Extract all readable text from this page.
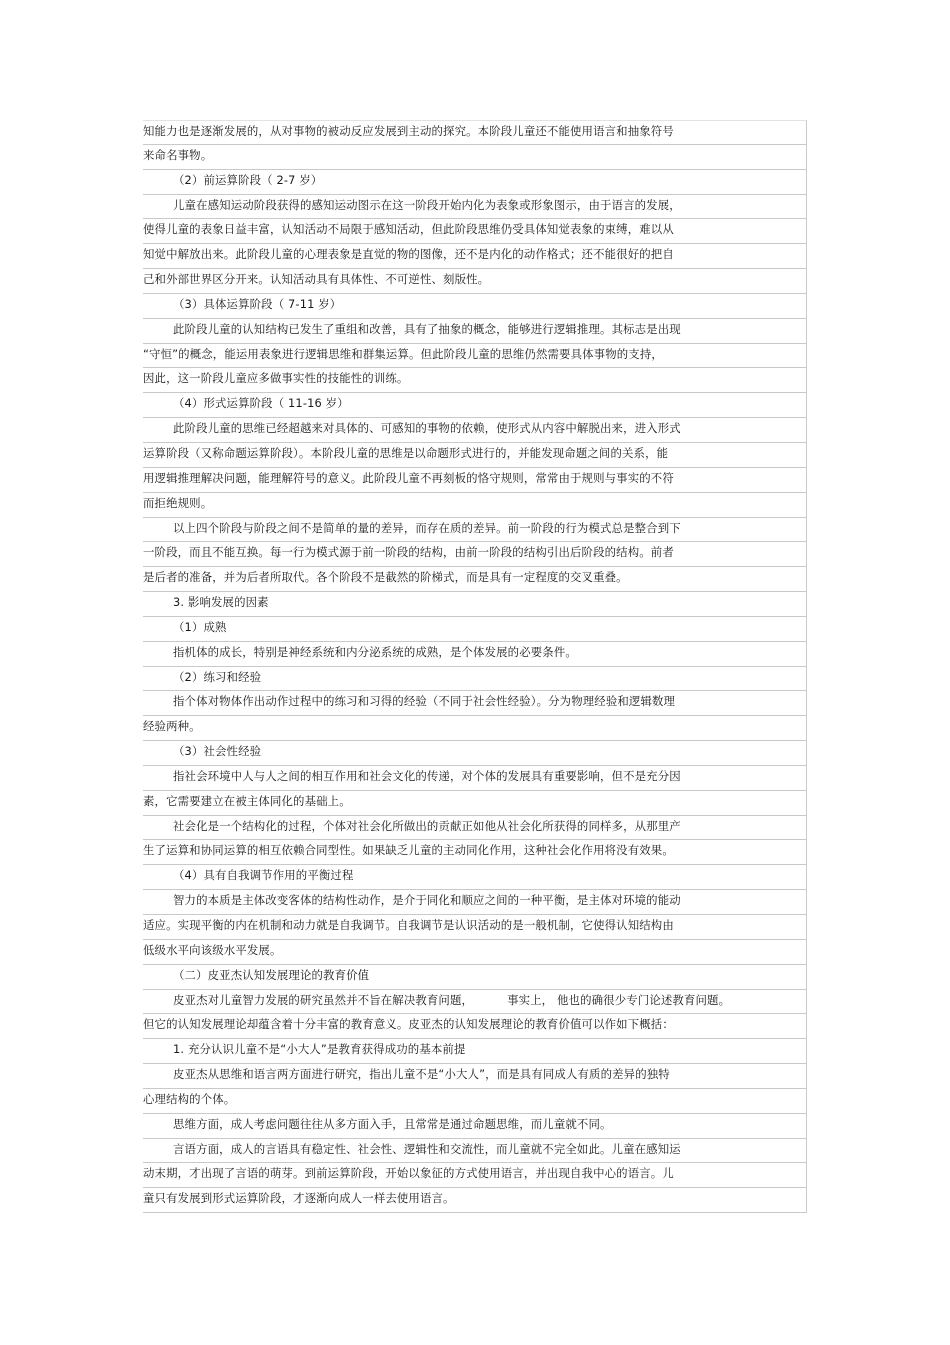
知能力也是逐渐发展的，从对事物的被动反应发展到主动的探究。本阶段儿童还不能使用语言和抽象符号
来命名事物。
（2）前运算阶段（ 2-7 岁）
儿童在感知运动阶段获得的感知运动图示在这一阶段开始内化为表象或形象图示，由于语言的发展，
使得儿童的表象日益丰富，认知活动不局限于感知活动，但此阶段思维仍受具体知觉表象的束缚，难以从
知觉中解放出来。此阶段儿童的心理表象是直觉的物的图像，还不是内化的动作格式；还不能很好的把自
己和外部世界区分开来。认知活动具有具体性、不可逆性、刻版性。
（3）具体运算阶段（ 7-11 岁）
此阶段儿童的认知结构已发生了重组和改善，具有了抽象的概念，能够进行逻辑推理。其标志是出现
“守恒”的概念，能运用表象进行逻辑思维和群集运算。但此阶段儿童的思维仍然需要具体事物的支持，
因此，这一阶段儿童应多做事实性的技能性的训练。
（4）形式运算阶段（ 11-16 岁）
此阶段儿童的思维已经超越来对具体的、可感知的事物的依赖，使形式从内容中解脱出来，进入形式
运算阶段（又称命题运算阶段）。本阶段儿童的思维是以命题形式进行的，并能发现命题之间的关系，能
用逻辑推理解决问题，能理解符号的意义。此阶段儿童不再刻板的恪守规则，常常由于规则与事实的不符
而拒绝规则。
以上四个阶段与阶段之间不是简单的量的差异，而存在质的差异。前一阶段的行为模式总是整合到下
一阶段，而且不能互换。每一行为模式源于前一阶段的结构，由前一阶段的结构引出后阶段的结构。前者
是后者的准备，并为后者所取代。各个阶段不是截然的阶梯式，而是具有一定程度的交叉重叠。
3. 影响发展的因素
（1）成熟
指机体的成长，特别是神经系统和内分泌系统的成熟，是个体发展的必要条件。
（2）练习和经验
指个体对物体作出动作过程中的练习和习得的经验（不同于社会性经验）。分为物理经验和逻辑数理
经验两种。
（3）社会性经验
指社会环境中人与人之间的相互作用和社会文化的传递，对个体的发展具有重要影响，但不是充分因
素，它需要建立在被主体同化的基础上。
社会化是一个结构化的过程，个体对社会化所做出的贡献正如他从社会化所获得的同样多，从那里产
生了运算和协同运算的相互依赖合同型性。如果缺乏儿童的主动同化作用，这种社会化作用将没有效果。
（4）具有自我调节作用的平衡过程
智力的本质是主体改变客体的结构性动作，是介于同化和顺应之间的一种平衡，是主体对环境的能动
适应。实现平衡的内在机制和动力就是自我调节。自我调节是认识活动的是一般机制，它使得认知结构由
低级水平向该级水平发展。
（二）皮亚杰认知发展理论的教育价值
皮亚杰对儿童智力发展的研究虽然并不旨在解决教育问题，	事实上， 他也的确很少专门论述教育问题。
但它的认知发展理论却蕴含着十分丰富的教育意义。皮亚杰的认知发展理论的教育价值可以作如下概括：
1. 充分认识儿童不是“小大人”是教育获得成功的基本前提
皮亚杰从思维和语言两方面进行研究，指出儿童不是“小大人”，而是具有同成人有质的差异的独特
心理结构的个体。
思维方面，成人考虑问题往往从多方面入手，且常常是通过命题思维，而儿童就不同。
言语方面，成人的言语具有稳定性、社会性、逻辑性和交流性，而儿童就不完全如此。儿童在感知运
动末期，才出现了言语的萌芽。到前运算阶段，开始以象征的方式使用语言，并出现自我中心的语言。儿
童只有发展到形式运算阶段，才逐渐向成人一样去使用语言。
